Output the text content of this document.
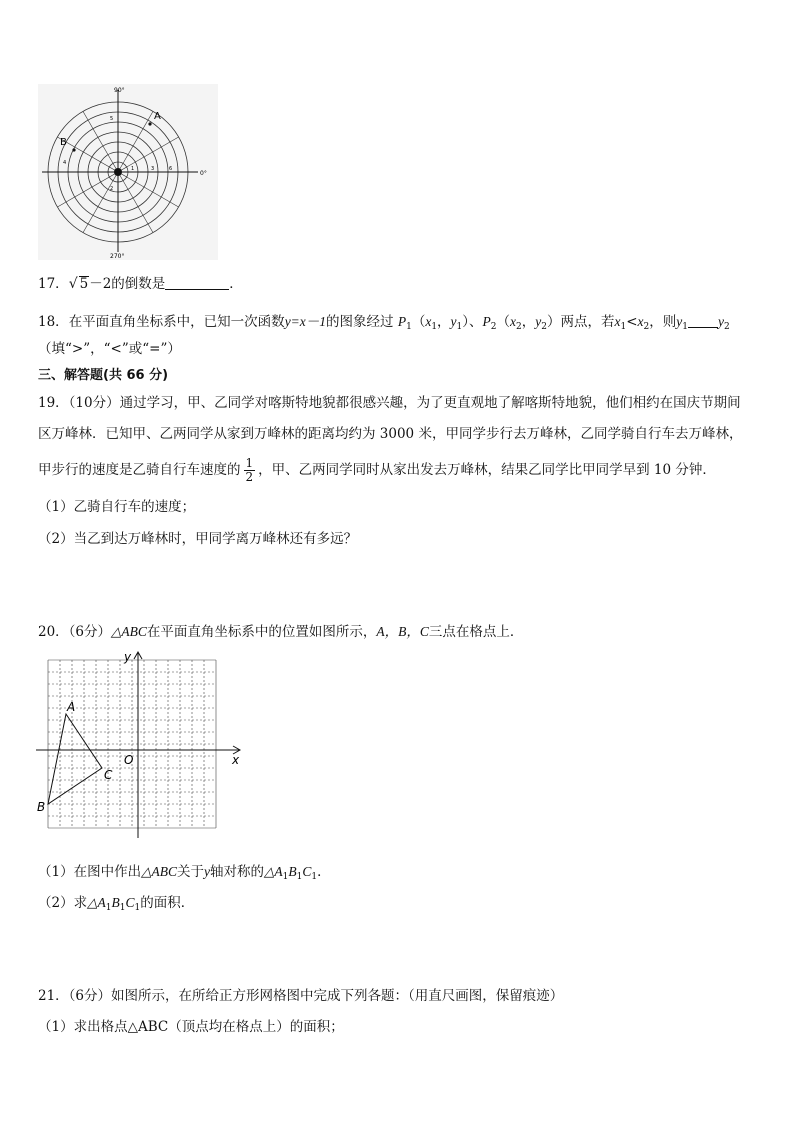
90°
0°
270°
A
B
1	3
5
6
2
4
17．√ 5－2的倒数是	．
18．在平面直角坐标系中，已知一次函数y=x－1的图象经过 $P_1(x_1$，$y_1$）、$P_2(x_2$，$y_2$）两点，若$x_1<x_2$，则$y_1$ $y_2$
（填“>”，“<”或“=”）
三、解答题(共 66 分)
19．（10分）通过学习，甲、乙同学对喀斯特地貌都很感兴趣，为了更直观地了解喀斯特地貌，他们相约在国庆节期间
区万峰林．已知甲、乙两同学从家到万峰林的距离均约为 3000 米，甲同学步行去万峰林，乙同学骑自行车去万峰林，
甲步行的速度是乙骑自行车速度的 $\frac{1}{2}$ ，甲、乙两同学同时从家出发去万峰林，结果乙同学比甲同学早到 10 分钟．
（1）乙骑自行车的速度；
（2）当乙到达万峰林时，甲同学离万峰林还有多远？
20．（6分）△ABC在平面直角坐标系中的位置如图所示，A，B，C三点在格点上．
y
x
O
A
B
C
（1）在图中作出△ABC关于y轴对称的$\triangle A_1B_1C_1$．
（2）求$\triangle A_1B_1C_1$的面积．
21．（6分）如图所示，在所给正方形网格图中完成下列各题：（用直尺画图，保留痕迹）
（1）求出格点△ABC（顶点均在格点上）的面积；
